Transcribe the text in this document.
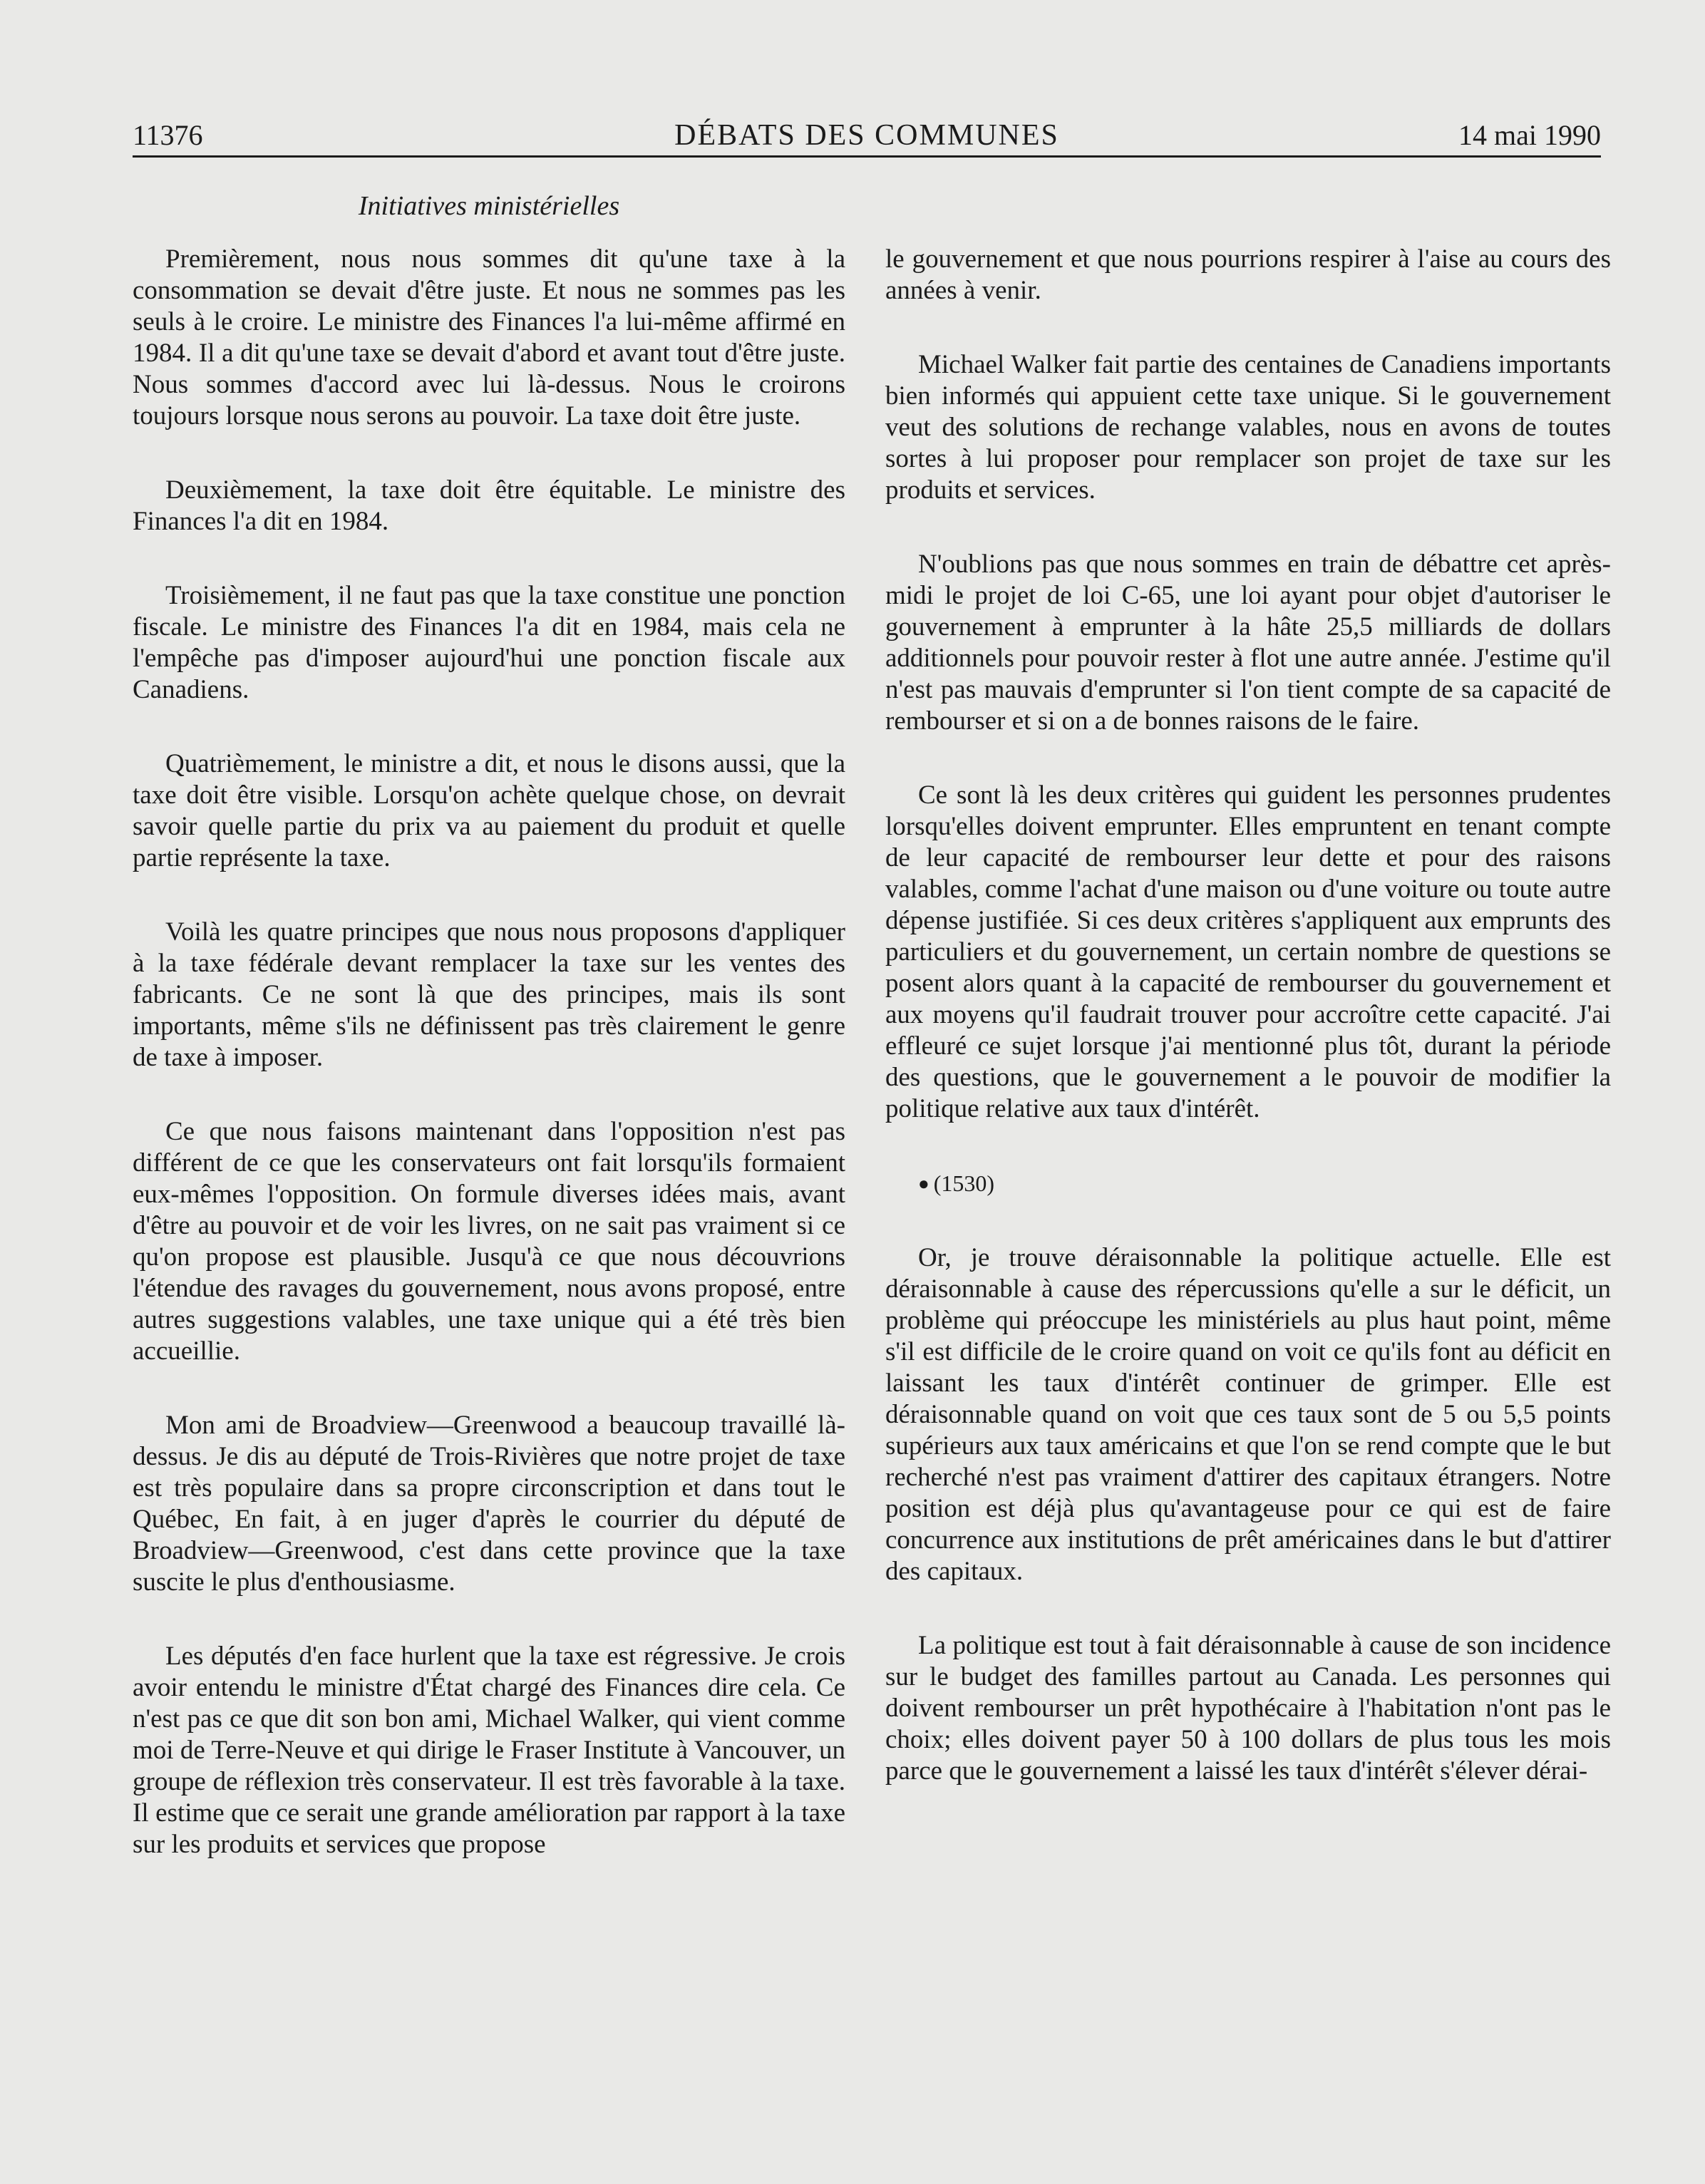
11376	DÉBATS DES COMMUNES	14 mai 1990
Initiatives ministérielles

Premièrement, nous nous sommes dit qu'une taxe à la consommation se devait d'être juste. Et nous ne sommes pas les seuls à le croire. Le ministre des Finances l'a lui-même affirmé en 1984. Il a dit qu'une taxe se devait d'abord et avant tout d'être juste. Nous sommes d'accord avec lui là-dessus. Nous le croirons toujours lorsque nous serons au pouvoir. La taxe doit être juste.

Deuxièmement, la taxe doit être équitable. Le ministre des Finances l'a dit en 1984.

Troisièmement, il ne faut pas que la taxe constitue une ponction fiscale. Le ministre des Finances l'a dit en 1984, mais cela ne l'empêche pas d'imposer aujourd'hui une ponction fiscale aux Canadiens.

Quatrièmement, le ministre a dit, et nous le disons aussi, que la taxe doit être visible. Lorsqu'on achète quelque chose, on devrait savoir quelle partie du prix va au paiement du produit et quelle partie représente la taxe.

Voilà les quatre principes que nous nous proposons d'appliquer à la taxe fédérale devant remplacer la taxe sur les ventes des fabricants. Ce ne sont là que des principes, mais ils sont importants, même s'ils ne définissent pas très clairement le genre de taxe à imposer.

Ce que nous faisons maintenant dans l'opposition n'est pas différent de ce que les conservateurs ont fait lorsqu'ils formaient eux-mêmes l'opposition. On formule diverses idées mais, avant d'être au pouvoir et de voir les livres, on ne sait pas vraiment si ce qu'on propose est plausible. Jusqu'à ce que nous découvrions l'étendue des ravages du gouvernement, nous avons proposé, entre autres suggestions valables, une taxe unique qui a été très bien accueillie.

Mon ami de Broadview—Greenwood a beaucoup travaillé là-dessus. Je dis au député de Trois-Rivières que notre projet de taxe est très populaire dans sa propre circonscription et dans tout le Québec, En fait, à en juger d'après le courrier du député de Broadview—Greenwood, c'est dans cette province que la taxe suscite le plus d'enthousiasme.

Les députés d'en face hurlent que la taxe est régressive. Je crois avoir entendu le ministre d'État chargé des Finances dire cela. Ce n'est pas ce que dit son bon ami, Michael Walker, qui vient comme moi de Terre-Neuve et qui dirige le Fraser Institute à Vancouver, un groupe de réflexion très conservateur. Il est très favorable à la taxe. Il estime que ce serait une grande amélioration par rapport à la taxe sur les produits et services que propose

le gouvernement et que nous pourrions respirer à l'aise au cours des années à venir.

Michael Walker fait partie des centaines de Canadiens importants bien informés qui appuient cette taxe unique. Si le gouvernement veut des solutions de rechange valables, nous en avons de toutes sortes à lui proposer pour remplacer son projet de taxe sur les produits et services.

N'oublions pas que nous sommes en train de débattre cet après-midi le projet de loi C-65, une loi ayant pour objet d'autoriser le gouvernement à emprunter à la hâte 25,5 milliards de dollars additionnels pour pouvoir rester à flot une autre année. J'estime qu'il n'est pas mauvais d'emprunter si l'on tient compte de sa capacité de rembourser et si on a de bonnes raisons de le faire.

Ce sont là les deux critères qui guident les personnes prudentes lorsqu'elles doivent emprunter. Elles empruntent en tenant compte de leur capacité de rembourser leur dette et pour des raisons valables, comme l'achat d'une maison ou d'une voiture ou toute autre dépense justifiée. Si ces deux critères s'appliquent aux emprunts des particuliers et du gouvernement, un certain nombre de questions se posent alors quant à la capacité de rembourser du gouvernement et aux moyens qu'il faudrait trouver pour accroître cette capacité. J'ai effleuré ce sujet lorsque j'ai mentionné plus tôt, durant la période des questions, que le gouvernement a le pouvoir de modifier la politique relative aux taux d'intérêt.

● (1530)

Or, je trouve déraisonnable la politique actuelle. Elle est déraisonnable à cause des répercussions qu'elle a sur le déficit, un problème qui préoccupe les ministériels au plus haut point, même s'il est difficile de le croire quand on voit ce qu'ils font au déficit en laissant les taux d'intérêt continuer de grimper. Elle est déraisonnable quand on voit que ces taux sont de 5 ou 5,5 points supérieurs aux taux américains et que l'on se rend compte que le but recherché n'est pas vraiment d'attirer des capitaux étrangers. Notre position est déjà plus qu'avantageuse pour ce qui est de faire concurrence aux institutions de prêt américaines dans le but d'attirer des capitaux.

La politique est tout à fait déraisonnable à cause de son incidence sur le budget des familles partout au Canada. Les personnes qui doivent rembourser un prêt hypothécaire à l'habitation n'ont pas le choix; elles doivent payer 50 à 100 dollars de plus tous les mois parce que le gouvernement a laissé les taux d'intérêt s'élever dérai-
